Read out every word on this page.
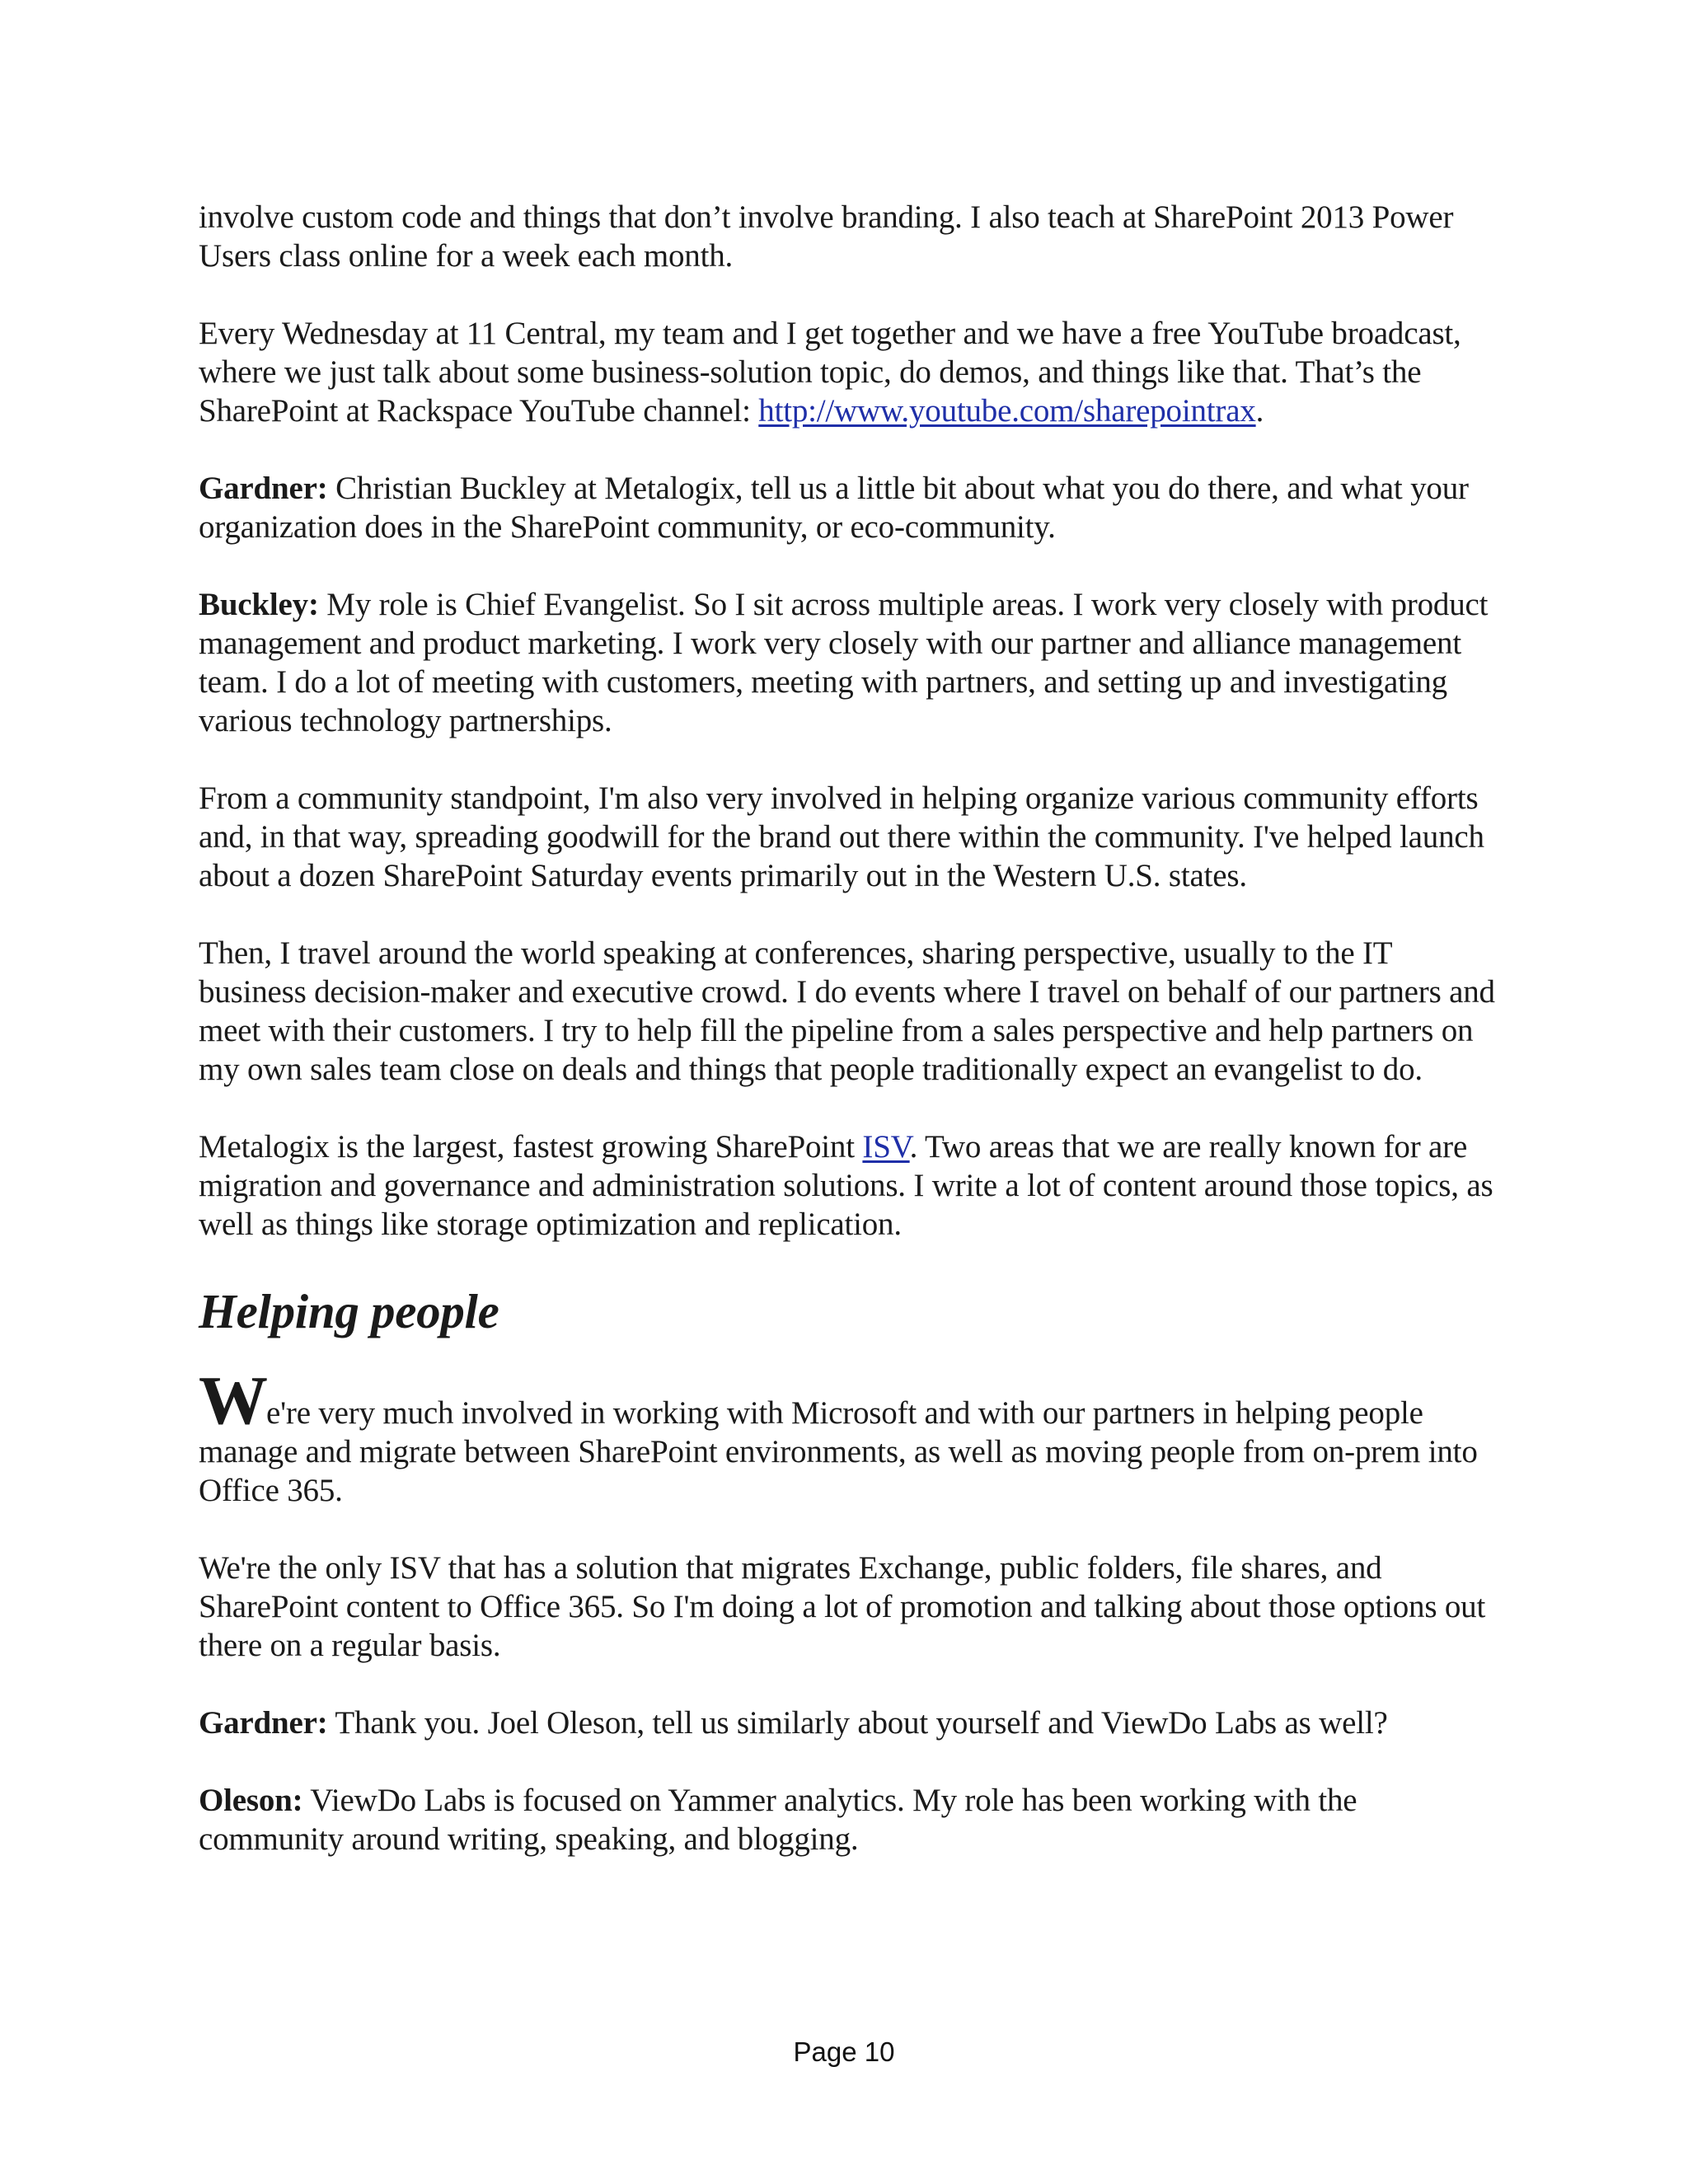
involve custom code and things that don’t involve branding. I also teach at SharePoint 2013 Power Users class online for a week each month.

Every Wednesday at 11 Central, my team and I get together and we have a free YouTube broadcast, where we just talk about some business-solution topic, do demos, and things like that. That’s the SharePoint at Rackspace YouTube channel: http://www.youtube.com/sharepointrax.

Gardner: Christian Buckley at Metalogix, tell us a little bit about what you do there, and what your organization does in the SharePoint community, or eco-community.

Buckley: My role is Chief Evangelist. So I sit across multiple areas. I work very closely with product management and product marketing. I work very closely with our partner and alliance management team. I do a lot of meeting with customers, meeting with partners, and setting up and investigating various technology partnerships.

From a community standpoint, I'm also very involved in helping organize various community efforts and, in that way, spreading goodwill for the brand out there within the community. I've helped launch about a dozen SharePoint Saturday events primarily out in the Western U.S. states.

Then, I travel around the world speaking at conferences, sharing perspective, usually to the IT business decision-maker and executive crowd. I do events where I travel on behalf of our partners and meet with their customers. I try to help fill the pipeline from a sales perspective and help partners on my own sales team close on deals and things that people traditionally expect an evangelist to do.

Metalogix is the largest, fastest growing SharePoint ISV. Two areas that we are really known for are migration and governance and administration solutions. I write a lot of content around those topics, as well as things like storage optimization and replication.

Helping people

We're very much involved in working with Microsoft and with our partners in helping people manage and migrate between SharePoint environments, as well as moving people from on-prem into Office 365.

We're the only ISV that has a solution that migrates Exchange, public folders, file shares, and SharePoint content to Office 365. So I'm doing a lot of promotion and talking about those options out there on a regular basis.

Gardner: Thank you. Joel Oleson, tell us similarly about yourself and ViewDo Labs as well?

Oleson: ViewDo Labs is focused on Yammer analytics. My role has been working with the community around writing, speaking, and blogging.

Page 10
